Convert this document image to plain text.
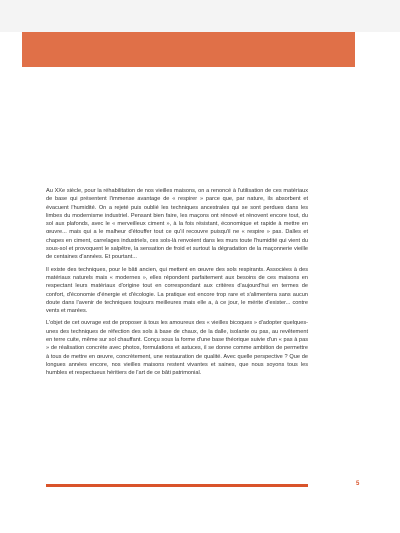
Au XXe siècle, pour la réhabilitation de nos vieilles maisons, on a renoncé à l'utilisation de ces matériaux de base qui présentent l'immense avantage de « respirer » parce que, par nature, ils absorbent et évacuent l'humidité. On a rejeté puis oublié les techniques ancestrales qui se sont perdues dans les limbes du modernisme industriel. Pensant bien faire, les maçons ont rénové et rénovent encore tout, du sol aux plafonds, avec le « merveilleux ciment », à la fois résistant, économique et rapide à mettre en œuvre... mais qui a le malheur d'étouffer tout ce qu'il recouvre puisqu'il ne « respire » pas. Dalles et chapes en ciment, carrelages industriels, ces sols-là renvoient dans les murs toute l'humidité qui vient du sous-sol et provoquent le salpêtre, la sensation de froid et surtout la dégradation de la maçonnerie vieille de centaines d'années. Et pourtant...

Il existe des techniques, pour le bâti ancien, qui mettent en œuvre des sols respirants. Associées à des matériaux naturels mais « modernes », elles répondent parfaitement aux besoins de ces maisons en respectant leurs matériaux d'origine tout en correspondant aux critères d'aujourd'hui en termes de confort, d'économie d'énergie et d'écologie. La pratique est encore trop rare et s'alimentera sans aucun doute dans l'avenir de techniques toujours meilleures mais elle a, à ce jour, le mérite d'exister... contre vents et marées.

L'objet de cet ouvrage est de proposer à tous les amoureux des « vieilles bicoques » d'adopter quelques-unes des techniques de réfection des sols à base de chaux, de la dalle, isolante ou pas, au revêtement en terre cuite, même sur sol chauffant. Conçu sous la forme d'une base théorique suivie d'un « pas à pas » de réalisation concrète avec photos, formulations et astuces, il se donne comme ambition de permettre à tous de mettre en œuvre, concrètement, une restauration de qualité. Avec quelle perspective ? Que de longues années encore, nos vieilles maisons restent vivantes et saines, que nous soyons tous les humbles et respectueux héritiers de l'art de ce bâti patrimonial.

5
